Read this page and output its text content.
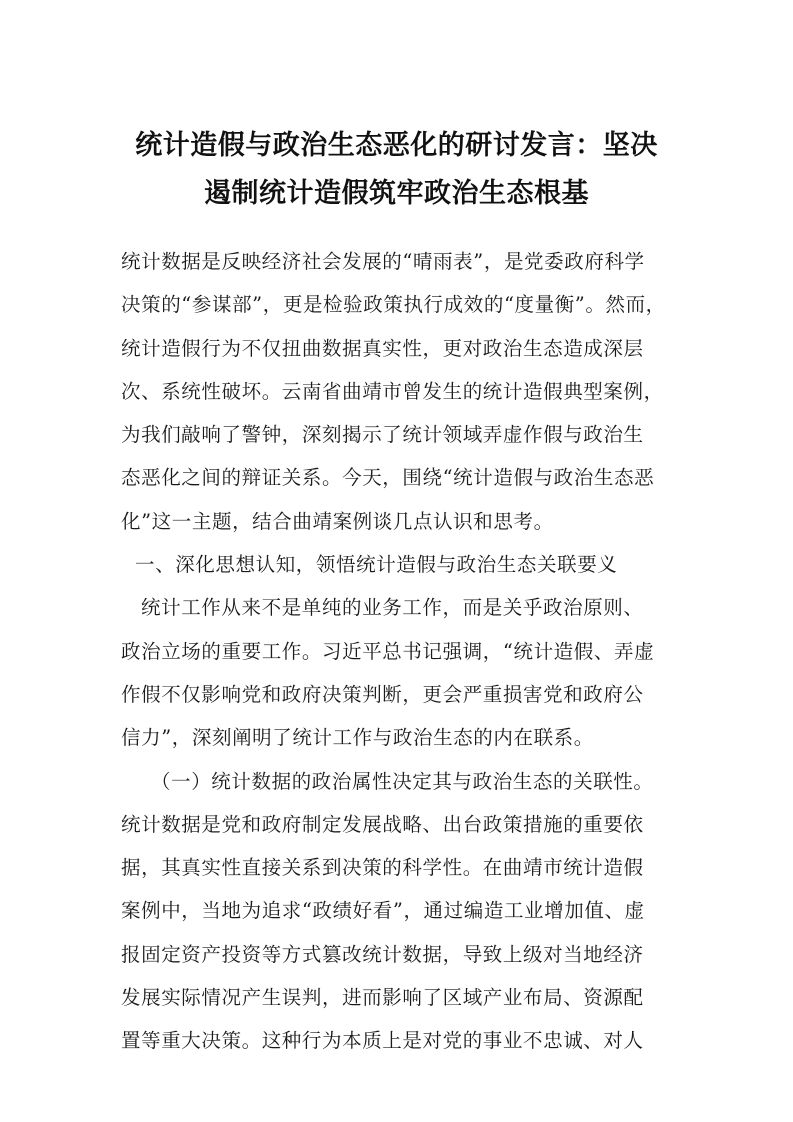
统计造假与政治生态恶化的研讨发言：坚决
遏制统计造假筑牢政治生态根基
统计数据是反映经济社会发展的“晴雨表”，是党委政府科学
决策的“参谋部”，更是检验政策执行成效的“度量衡”。然而，
统计造假行为不仅扭曲数据真实性，更对政治生态造成深层
次、系统性破坏。云南省曲靖市曾发生的统计造假典型案例，
为我们敲响了警钟，深刻揭示了统计领域弄虚作假与政治生
态恶化之间的辩证关系。今天，围绕“统计造假与政治生态恶
化”这一主题，结合曲靖案例谈几点认识和思考。
一、深化思想认知，领悟统计造假与政治生态关联要义
统计工作从来不是单纯的业务工作，而是关乎政治原则、
政治立场的重要工作。习近平总书记强调，“统计造假、弄虚
作假不仅影响党和政府决策判断，更会严重损害党和政府公
信力”，深刻阐明了统计工作与政治生态的内在联系。
（一）统计数据的政治属性决定其与政治生态的关联性。
统计数据是党和政府制定发展战略、出台政策措施的重要依
据，其真实性直接关系到决策的科学性。在曲靖市统计造假
案例中，当地为追求“政绩好看”，通过编造工业增加值、虚
报固定资产投资等方式篡改统计数据，导致上级对当地经济
发展实际情况产生误判，进而影响了区域产业布局、资源配
置等重大决策。这种行为本质上是对党的事业不忠诚、对人
